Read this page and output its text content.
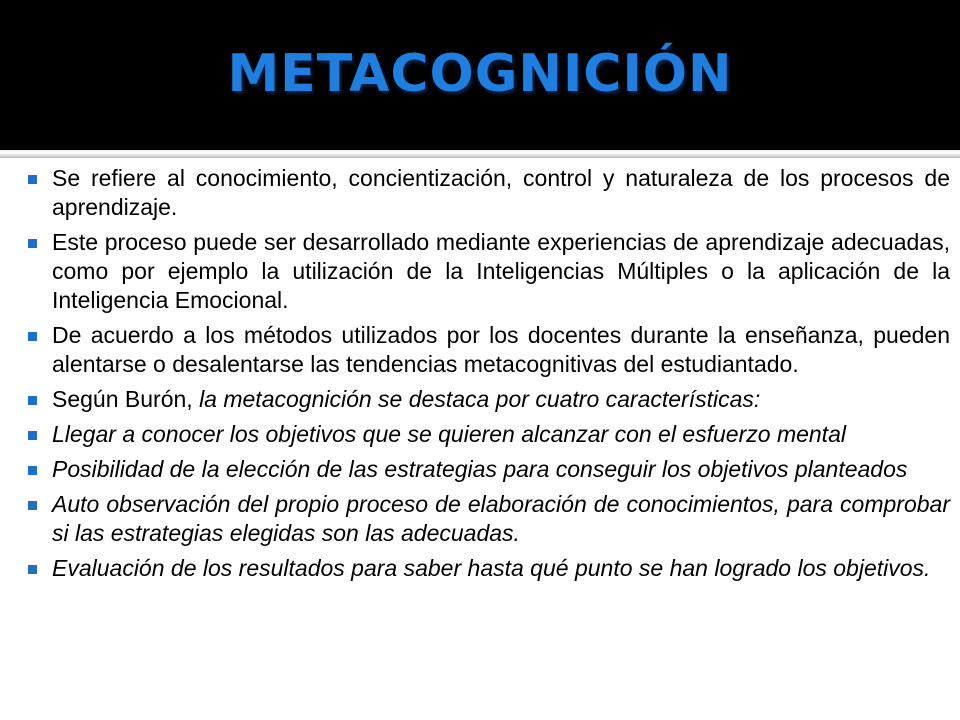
METACOGNICIÓN
Se refiere al conocimiento, concientización, control y naturaleza de los procesos de aprendizaje.
Este proceso puede ser desarrollado mediante experiencias de aprendizaje adecuadas, como por ejemplo la utilización de la Inteligencias Múltiples o la aplicación de la Inteligencia Emocional.
De acuerdo a los métodos utilizados por los docentes durante la enseñanza, pueden alentarse o desalentarse las tendencias metacognitivas del estudiantado.
Según Burón, la metacognición se destaca por cuatro características:
Llegar a conocer los objetivos que se quieren alcanzar con el esfuerzo mental
Posibilidad de la elección de las estrategias para conseguir los objetivos planteados
Auto observación del propio proceso de elaboración de conocimientos, para comprobar si las estrategias elegidas son las adecuadas.
Evaluación de los resultados para saber hasta qué punto se han logrado los objetivos.
